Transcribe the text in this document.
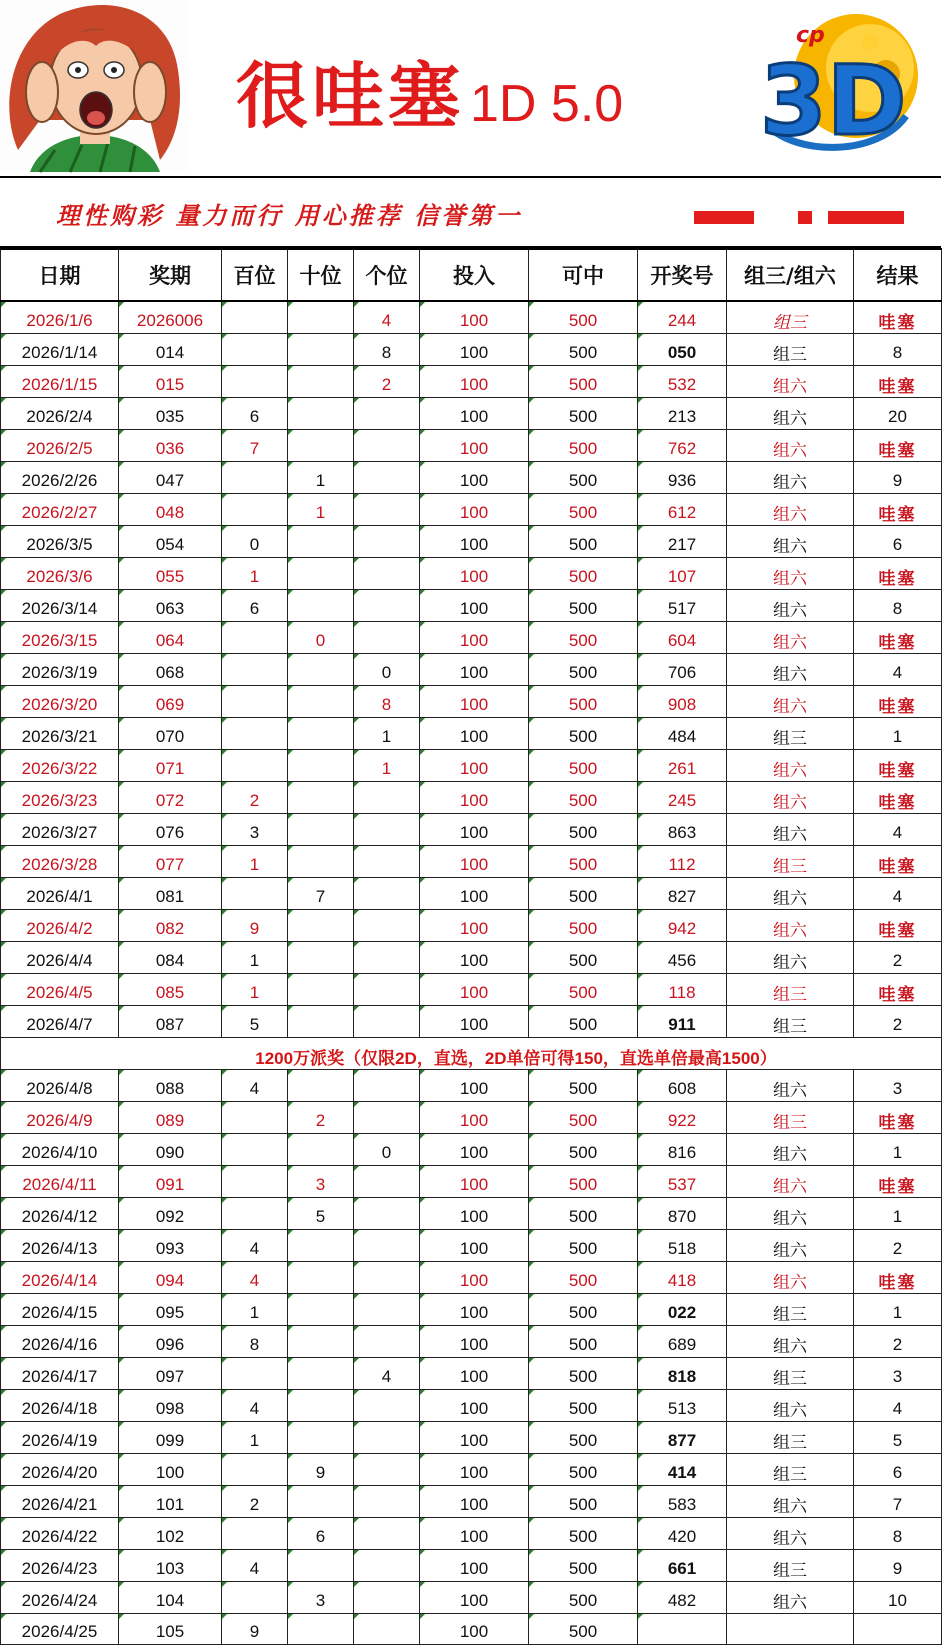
很哇塞 1D 5.0 3D
cp
理性购彩 量力而行 用心推荐 信誉第一
日期	奖期	百位	十位	个位	投入	可中	开奖号	组三/组六	结果
2026/1/6	2026006			4	100	500	244	组三	哇塞
2026/1/14	014			8	100	500	050	组三	8
2026/1/15	015			2	100	500	532	组六	哇塞
2026/2/4	035	6			100	500	213	组六	20
2026/2/5	036	7			100	500	762	组六	哇塞
2026/2/26	047		1		100	500	936	组六	9
2026/2/27	048		1		100	500	612	组六	哇塞
2026/3/5	054	0			100	500	217	组六	6
2026/3/6	055	1			100	500	107	组六	哇塞
2026/3/14	063	6			100	500	517	组六	8
2026/3/15	064		0		100	500	604	组六	哇塞
2026/3/19	068			0	100	500	706	组六	4
2026/3/20	069			8	100	500	908	组六	哇塞
2026/3/21	070			1	100	500	484	组三	1
2026/3/22	071			1	100	500	261	组六	哇塞
2026/3/23	072	2			100	500	245	组六	哇塞
2026/3/27	076	3			100	500	863	组六	4
2026/3/28	077	1			100	500	112	组三	哇塞
2026/4/1	081		7		100	500	827	组六	4
2026/4/2	082	9			100	500	942	组六	哇塞
2026/4/4	084	1			100	500	456	组六	2
2026/4/5	085	1			100	500	118	组三	哇塞
2026/4/7	087	5			100	500	911	组三	2
1200万派奖（仅限2D，直选，2D单倍可得150，直选单倍最高1500）									
2026/4/8	088	4			100	500	608	组六	3
2026/4/9	089		2		100	500	922	组三	哇塞
2026/4/10	090			0	100	500	816	组六	1
2026/4/11	091		3		100	500	537	组六	哇塞
2026/4/12	092		5		100	500	870	组六	1
2026/4/13	093	4			100	500	518	组六	2
2026/4/14	094	4			100	500	418	组六	哇塞
2026/4/15	095	1			100	500	022	组三	1
2026/4/16	096	8			100	500	689	组六	2
2026/4/17	097			4	100	500	818	组三	3
2026/4/18	098	4			100	500	513	组六	4
2026/4/19	099	1			100	500	877	组三	5
2026/4/20	100		9		100	500	414	组三	6
2026/4/21	101	2			100	500	583	组六	7
2026/4/22	102		6		100	500	420	组六	8
2026/4/23	103	4			100	500	661	组三	9
2026/4/24	104		3		100	500	482	组六	10
2026/4/25	105	9			100	500			
